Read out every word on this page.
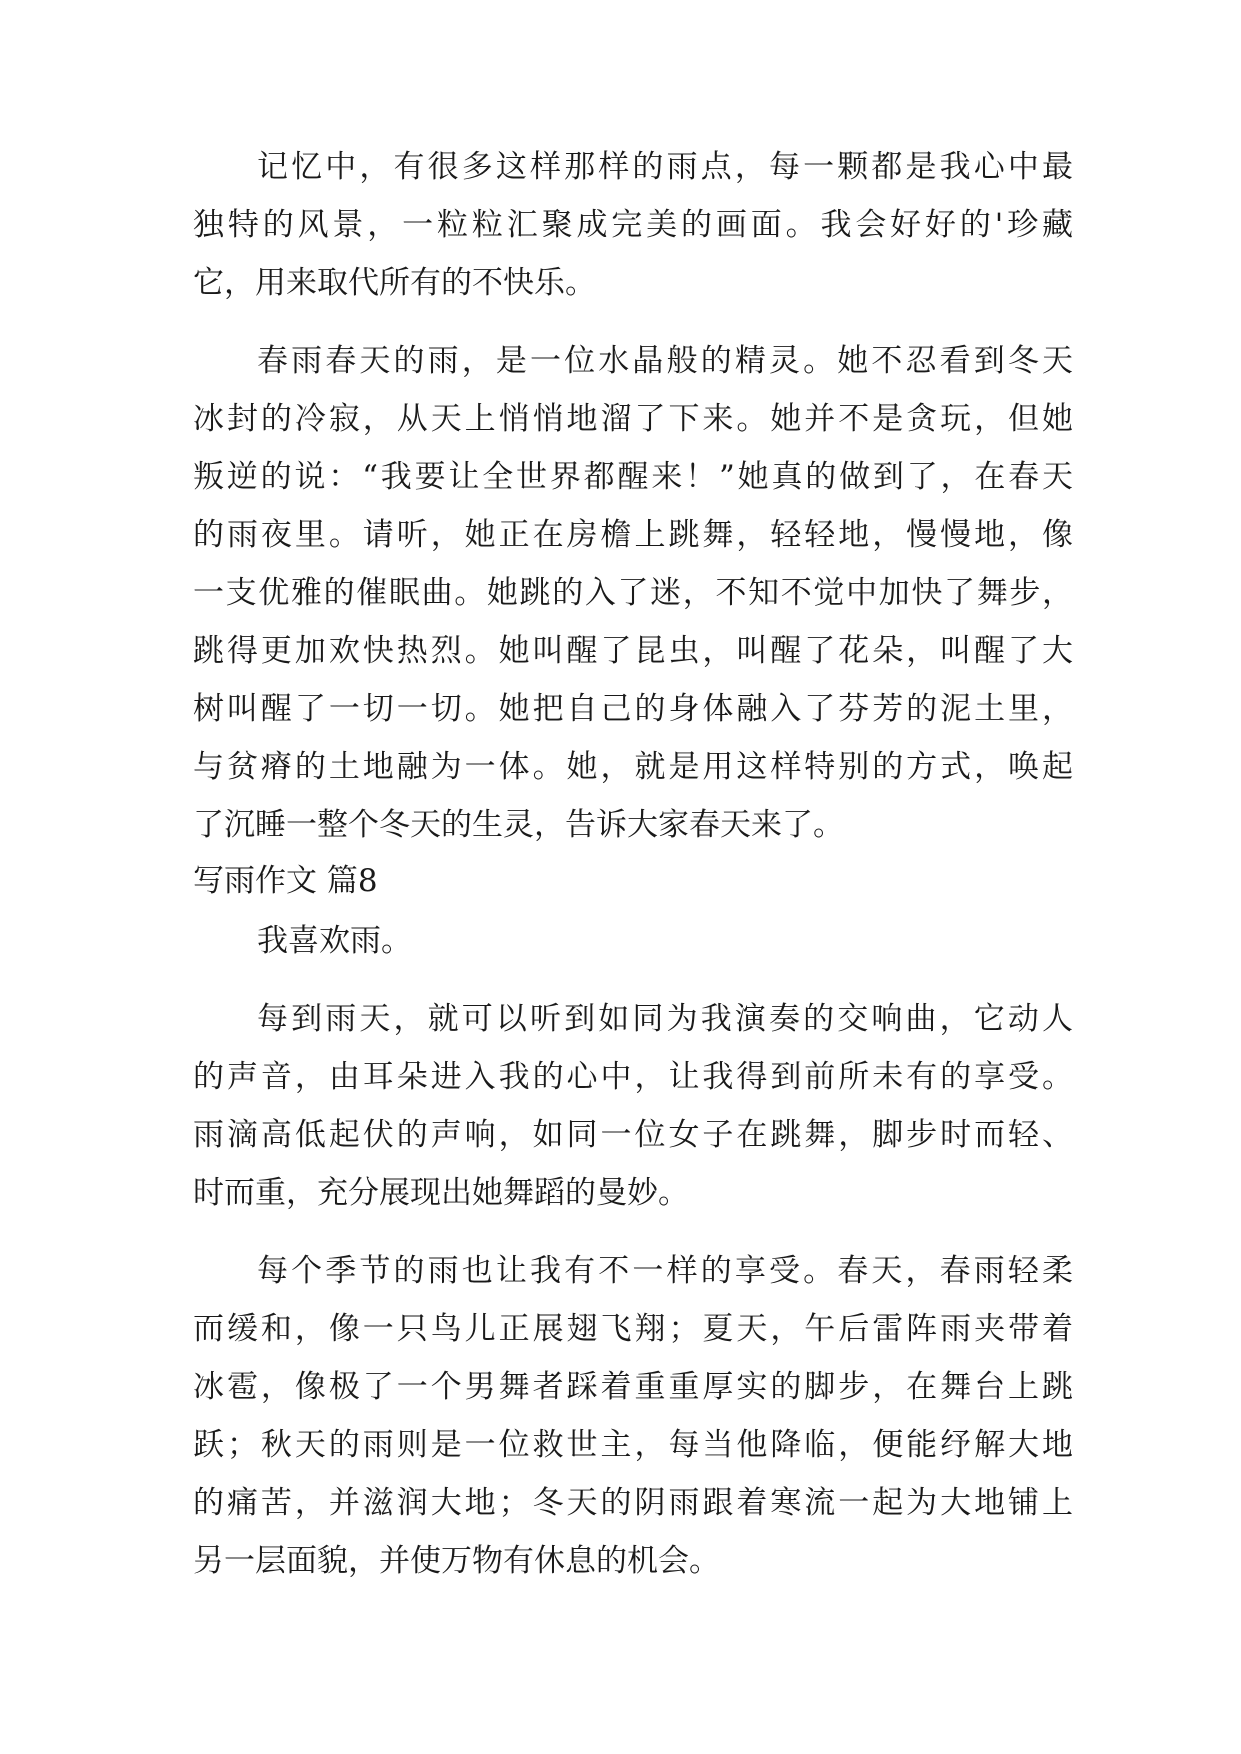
记忆中，有很多这样那样的雨点，每一颗都是我心中最
独特的风景，一粒粒汇聚成完美的画面。我会好好的'珍藏
它，用来取代所有的不快乐。
春雨春天的雨，是一位水晶般的精灵。她不忍看到冬天
冰封的冷寂，从天上悄悄地溜了下来。她并不是贪玩，但她
叛逆的说：“我要让全世界都醒来！”她真的做到了，在春天
的雨夜里。请听，她正在房檐上跳舞，轻轻地，慢慢地，像
一支优雅的催眠曲。她跳的入了迷，不知不觉中加快了舞步，
跳得更加欢快热烈。她叫醒了昆虫，叫醒了花朵，叫醒了大
树叫醒了一切一切。她把自己的身体融入了芬芳的泥土里，
与贫瘠的土地融为一体。她，就是用这样特别的方式，唤起
了沉睡一整个冬天的生灵，告诉大家春天来了。
写雨作文 篇8
我喜欢雨。
每到雨天，就可以听到如同为我演奏的交响曲，它动人
的声音，由耳朵进入我的心中，让我得到前所未有的享受。
雨滴高低起伏的声响，如同一位女子在跳舞，脚步时而轻、
时而重，充分展现出她舞蹈的曼妙。
每个季节的雨也让我有不一样的享受。春天，春雨轻柔
而缓和，像一只鸟儿正展翅飞翔；夏天，午后雷阵雨夹带着
冰雹，像极了一个男舞者踩着重重厚实的脚步，在舞台上跳
跃；秋天的雨则是一位救世主，每当他降临，便能纾解大地
的痛苦，并滋润大地；冬天的阴雨跟着寒流一起为大地铺上
另一层面貌，并使万物有休息的机会。
